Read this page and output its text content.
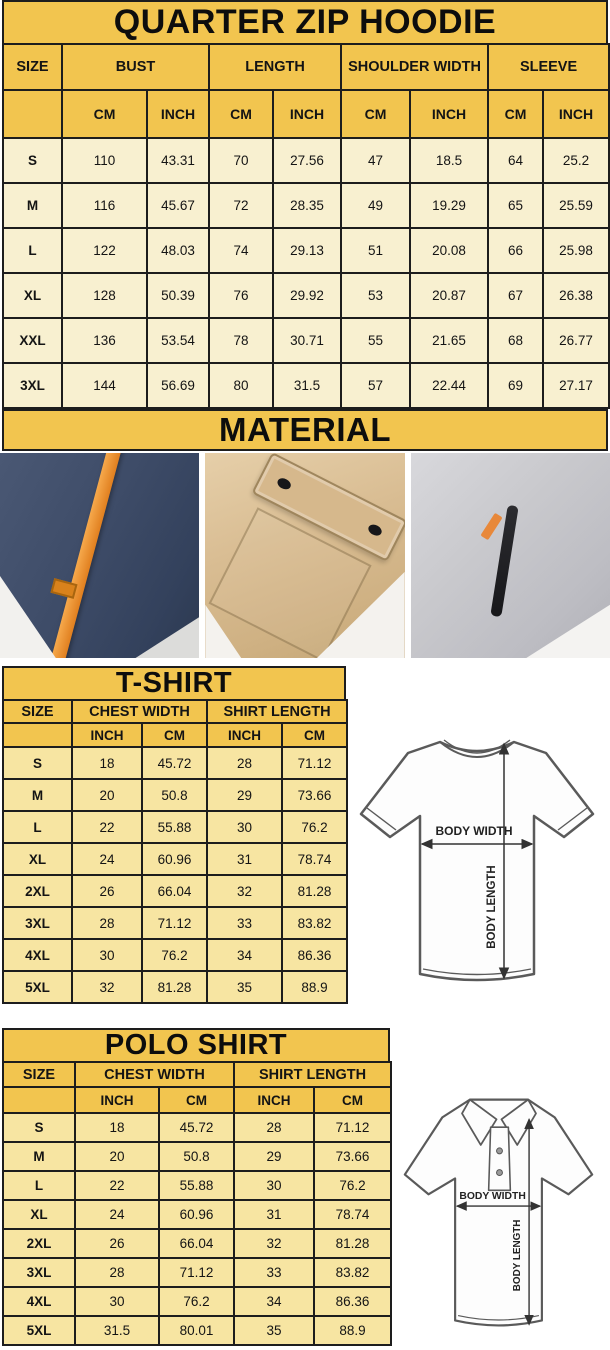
QUARTER ZIP HOODIE
SIZE	BUST		LENGTH		SHOULDER WIDTH		SLEEVE	
	CM	INCH	CM	INCH	CM	INCH	CM	INCH
S	110	43.31	70	27.56	47	18.5	64	25.2
M	116	45.67	72	28.35	49	19.29	65	25.59
L	122	48.03	74	29.13	51	20.08	66	25.98
XL	128	50.39	76	29.92	53	20.87	67	26.38
XXL	136	53.54	78	30.71	55	21.65	68	26.77
3XL	144	56.69	80	31.5	57	22.44	69	27.17
MATERIAL
T-SHIRT
SIZE	CHEST WIDTH		SHIRT LENGTH	
	INCH	CM	INCH	CM
S	18	45.72	28	71.12
M	20	50.8	29	73.66
L	22	55.88	30	76.2
XL	24	60.96	31	78.74
2XL	26	66.04	32	81.28
3XL	28	71.12	33	83.82
4XL	30	76.2	34	86.36
5XL	32	81.28	35	88.9
BODY WIDTH
BODY LENGTH
POLO SHIRT
SIZE	CHEST WIDTH		SHIRT LENGTH	
	INCH	CM	INCH	CM
S	18	45.72	28	71.12
M	20	50.8	29	73.66
L	22	55.88	30	76.2
XL	24	60.96	31	78.74
2XL	26	66.04	32	81.28
3XL	28	71.12	33	83.82
4XL	30	76.2	34	86.36
5XL	31.5	80.01	35	88.9
BODY WIDTH
BODY LENGTH
